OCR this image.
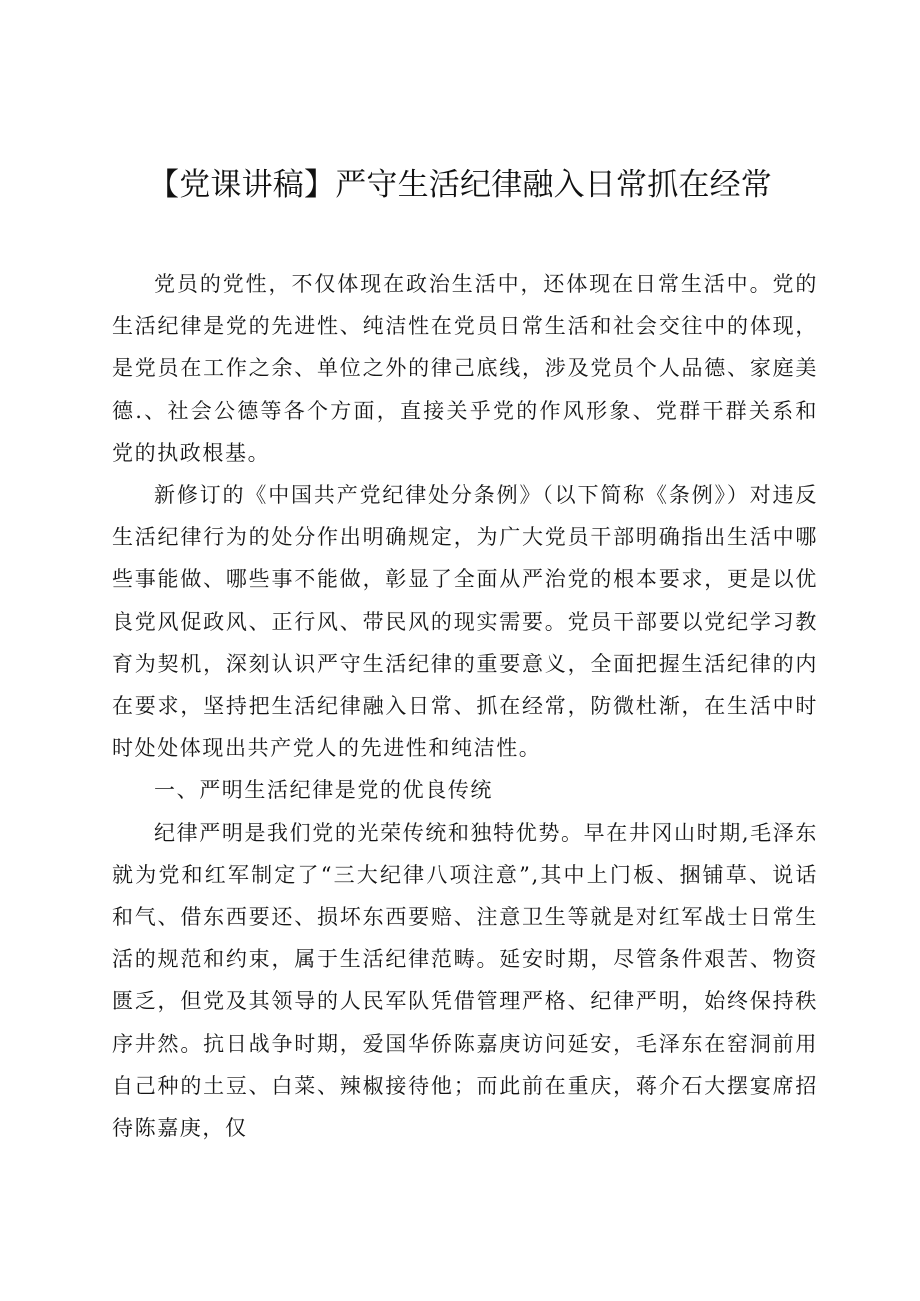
【党课讲稿】严守生活纪律融入日常抓在经常

党员的党性，不仅体现在政治生活中，还体现在日常生活中。党的生活纪律是党的先进性、纯洁性在党员日常生活和社会交往中的体现，是党员在工作之余、单位之外的律己底线，涉及党员个人品德、家庭美德.、社会公德等各个方面，直接关乎党的作风形象、党群干群关系和党的执政根基。

新修订的《中国共产党纪律处分条例》（以下简称《条例》）对违反生活纪律行为的处分作出明确规定，为广大党员干部明确指出生活中哪些事能做、哪些事不能做，彰显了全面从严治党的根本要求，更是以优良党风促政风、正行风、带民风的现实需要。党员干部要以党纪学习教育为契机，深刻认识严守生活纪律的重要意义，全面把握生活纪律的内在要求，坚持把生活纪律融入日常、抓在经常，防微杜渐，在生活中时时处处体现出共产党人的先进性和纯洁性。

一、严明生活纪律是党的优良传统

纪律严明是我们党的光荣传统和独特优势。早在井冈山时期,毛泽东就为党和红军制定了“三大纪律八项注意”,其中上门板、捆铺草、说话和气、借东西要还、损坏东西要赔、注意卫生等就是对红军战士日常生活的规范和约束，属于生活纪律范畴。延安时期，尽管条件艰苦、物资匮乏，但党及其领导的人民军队凭借管理严格、纪律严明，始终保持秩序井然。抗日战争时期，爱国华侨陈嘉庚访问延安，毛泽东在窑洞前用自己种的土豆、白菜、辣椒接待他；而此前在重庆，蒋介石大摆宴席招待陈嘉庚，仅
